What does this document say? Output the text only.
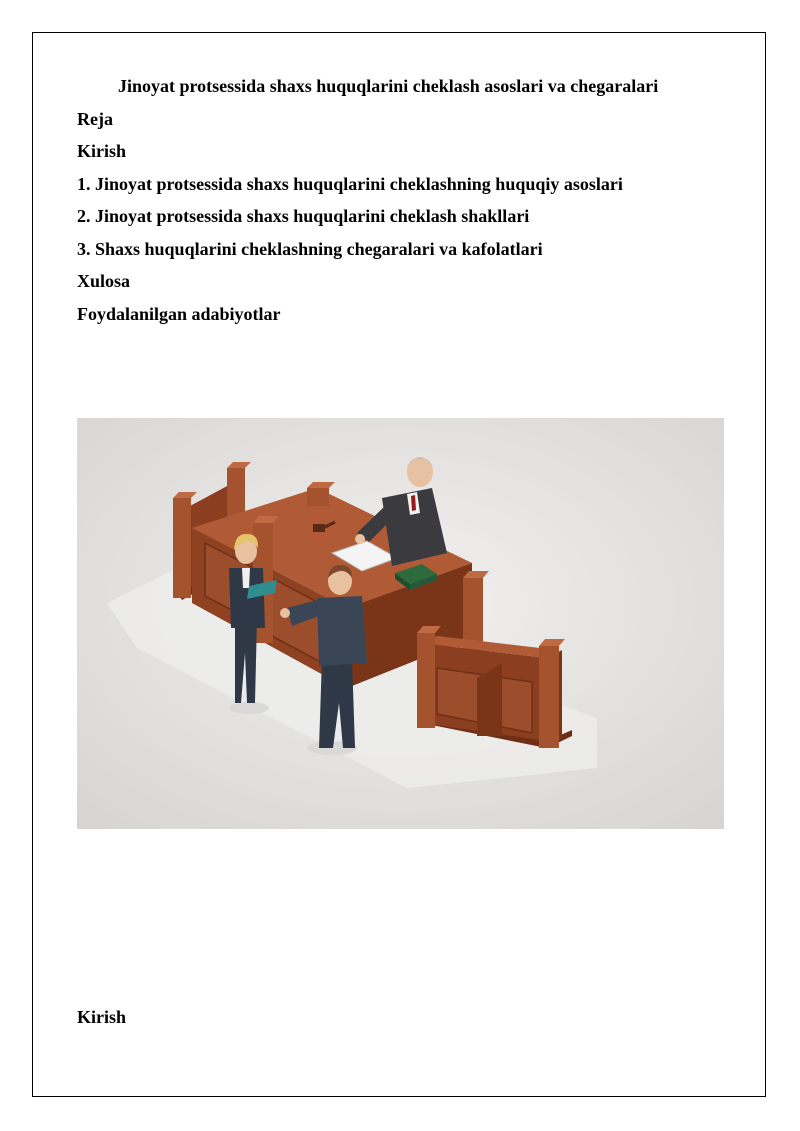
Jinoyat protsessida shaxs huquqlarini cheklash asoslari va chegaralari
Reja
Kirish
1. Jinoyat protsessida shaxs huquqlarini cheklashning huquqiy asoslari
2. Jinoyat protsessida shaxs huquqlarini cheklash shakllari
3. Shaxs huquqlarini cheklashning chegaralari va kafolatlari
Xulosa
Foydalanilgan adabiyotlar
Kirish
